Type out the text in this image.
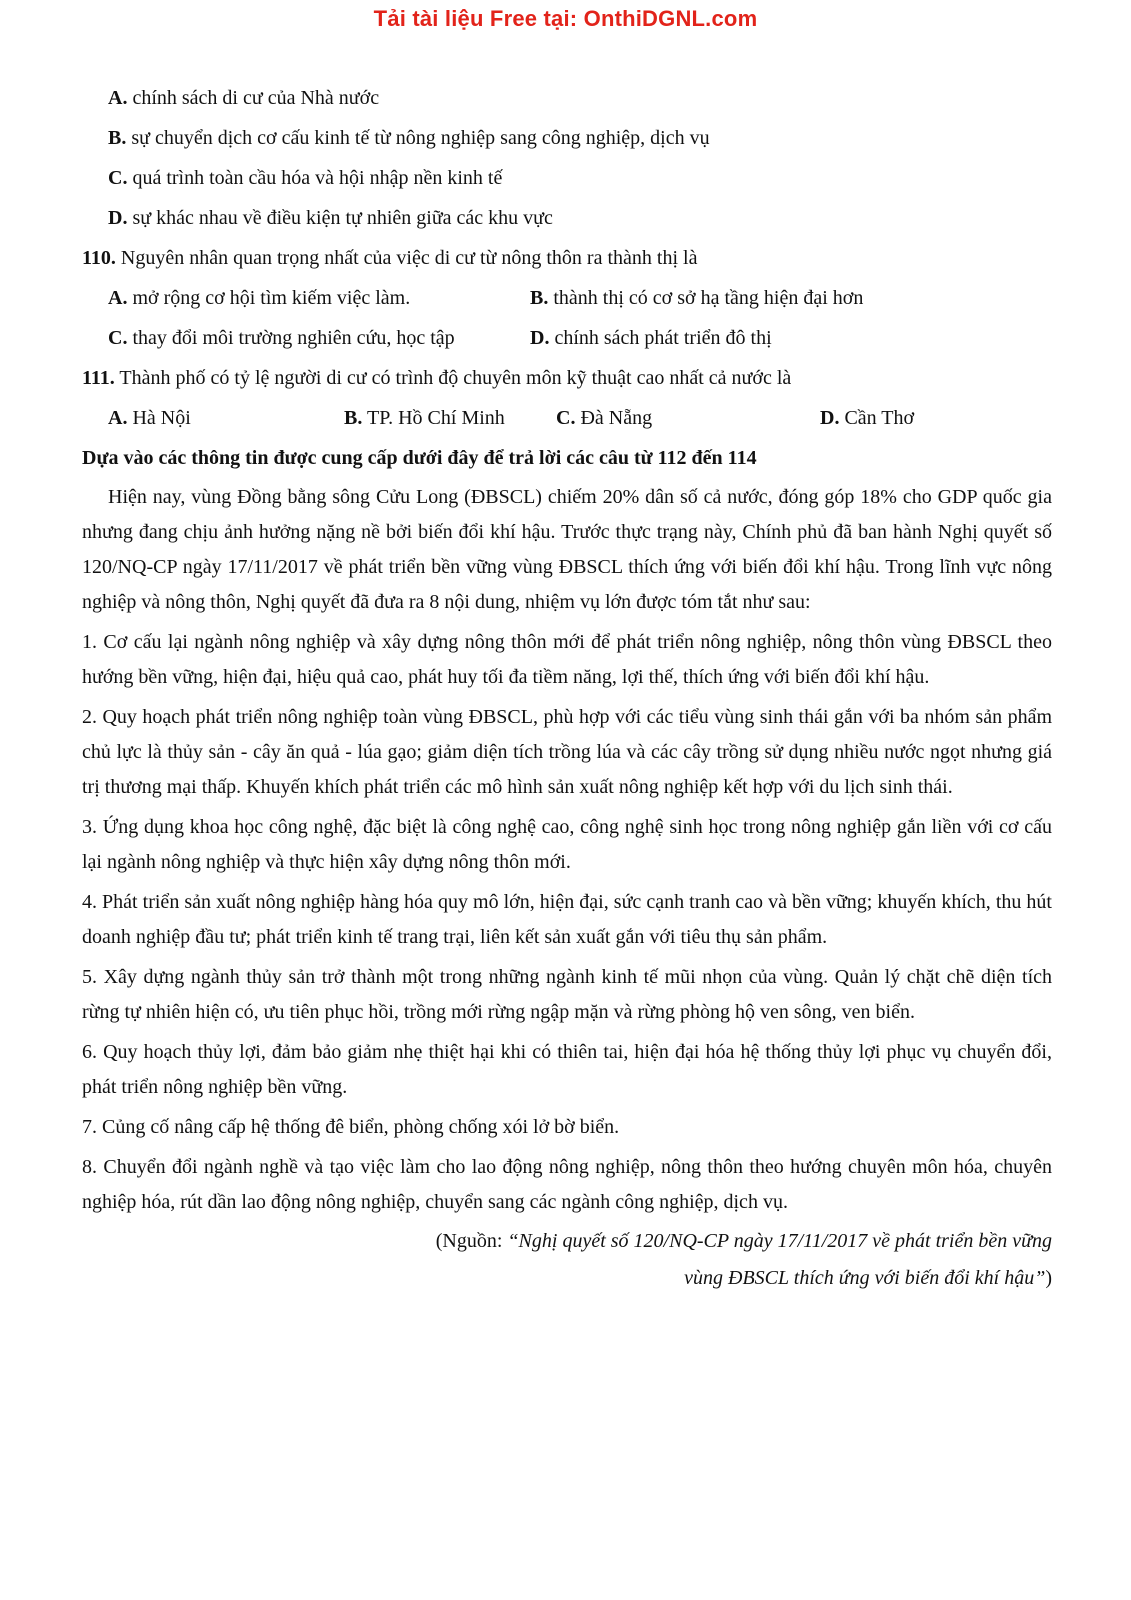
Tải tài liệu Free tại: OnthiDGNL.com
A. chính sách di cư của Nhà nước
B. sự chuyển dịch cơ cấu kinh tế từ nông nghiệp sang công nghiệp, dịch vụ
C. quá trình toàn cầu hóa và hội nhập nền kinh tế
D. sự khác nhau về điều kiện tự nhiên giữa các khu vực
110. Nguyên nhân quan trọng nhất của việc di cư từ nông thôn ra thành thị là
A. mở rộng cơ hội tìm kiếm việc làm.	B. thành thị có cơ sở hạ tầng hiện đại hơn
C. thay đổi môi trường nghiên cứu, học tập	D. chính sách phát triển đô thị
111. Thành phố có tỷ lệ người di cư có trình độ chuyên môn kỹ thuật cao nhất cả nước là
A. Hà Nội	B. TP. Hồ Chí Minh	C. Đà Nẵng	D. Cần Thơ
Dựa vào các thông tin được cung cấp dưới đây để trả lời các câu từ 112 đến 114

Hiện nay, vùng Đồng bằng sông Cửu Long (ĐBSCL) chiếm 20% dân số cả nước, đóng góp 18% cho GDP quốc gia nhưng đang chịu ảnh hưởng nặng nề bởi biến đổi khí hậu. Trước thực trạng này, Chính phủ đã ban hành Nghị quyết số 120/NQ-CP ngày 17/11/2017 về phát triển bền vững vùng ĐBSCL thích ứng với biến đổi khí hậu. Trong lĩnh vực nông nghiệp và nông thôn, Nghị quyết đã đưa ra 8 nội dung, nhiệm vụ lớn được tóm tắt như sau:

1. Cơ cấu lại ngành nông nghiệp và xây dựng nông thôn mới để phát triển nông nghiệp, nông thôn vùng ĐBSCL theo hướng bền vững, hiện đại, hiệu quả cao, phát huy tối đa tiềm năng, lợi thế, thích ứng với biến đổi khí hậu.

2. Quy hoạch phát triển nông nghiệp toàn vùng ĐBSCL, phù hợp với các tiểu vùng sinh thái gắn với ba nhóm sản phẩm chủ lực là thủy sản - cây ăn quả - lúa gạo; giảm diện tích trồng lúa và các cây trồng sử dụng nhiều nước ngọt nhưng giá trị thương mại thấp. Khuyến khích phát triển các mô hình sản xuất nông nghiệp kết hợp với du lịch sinh thái.

3. Ứng dụng khoa học công nghệ, đặc biệt là công nghệ cao, công nghệ sinh học trong nông nghiệp gắn liền với cơ cấu lại ngành nông nghiệp và thực hiện xây dựng nông thôn mới.

4. Phát triển sản xuất nông nghiệp hàng hóa quy mô lớn, hiện đại, sức cạnh tranh cao và bền vững; khuyến khích, thu hút doanh nghiệp đầu tư; phát triển kinh tế trang trại, liên kết sản xuất gắn với tiêu thụ sản phẩm.

5. Xây dựng ngành thủy sản trở thành một trong những ngành kinh tế mũi nhọn của vùng. Quản lý chặt chẽ diện tích rừng tự nhiên hiện có, ưu tiên phục hồi, trồng mới rừng ngập mặn và rừng phòng hộ ven sông, ven biển.

6. Quy hoạch thủy lợi, đảm bảo giảm nhẹ thiệt hại khi có thiên tai, hiện đại hóa hệ thống thủy lợi phục vụ chuyển đổi, phát triển nông nghiệp bền vững.

7. Củng cố nâng cấp hệ thống đê biển, phòng chống xói lở bờ biển.

8. Chuyển đổi ngành nghề và tạo việc làm cho lao động nông nghiệp, nông thôn theo hướng chuyên môn hóa, chuyên nghiệp hóa, rút dần lao động nông nghiệp, chuyển sang các ngành công nghiệp, dịch vụ.

(Nguồn: “Nghị quyết số 120/NQ-CP ngày 17/11/2017 về phát triển bền vững
vùng ĐBSCL thích ứng với biến đổi khí hậu”)
